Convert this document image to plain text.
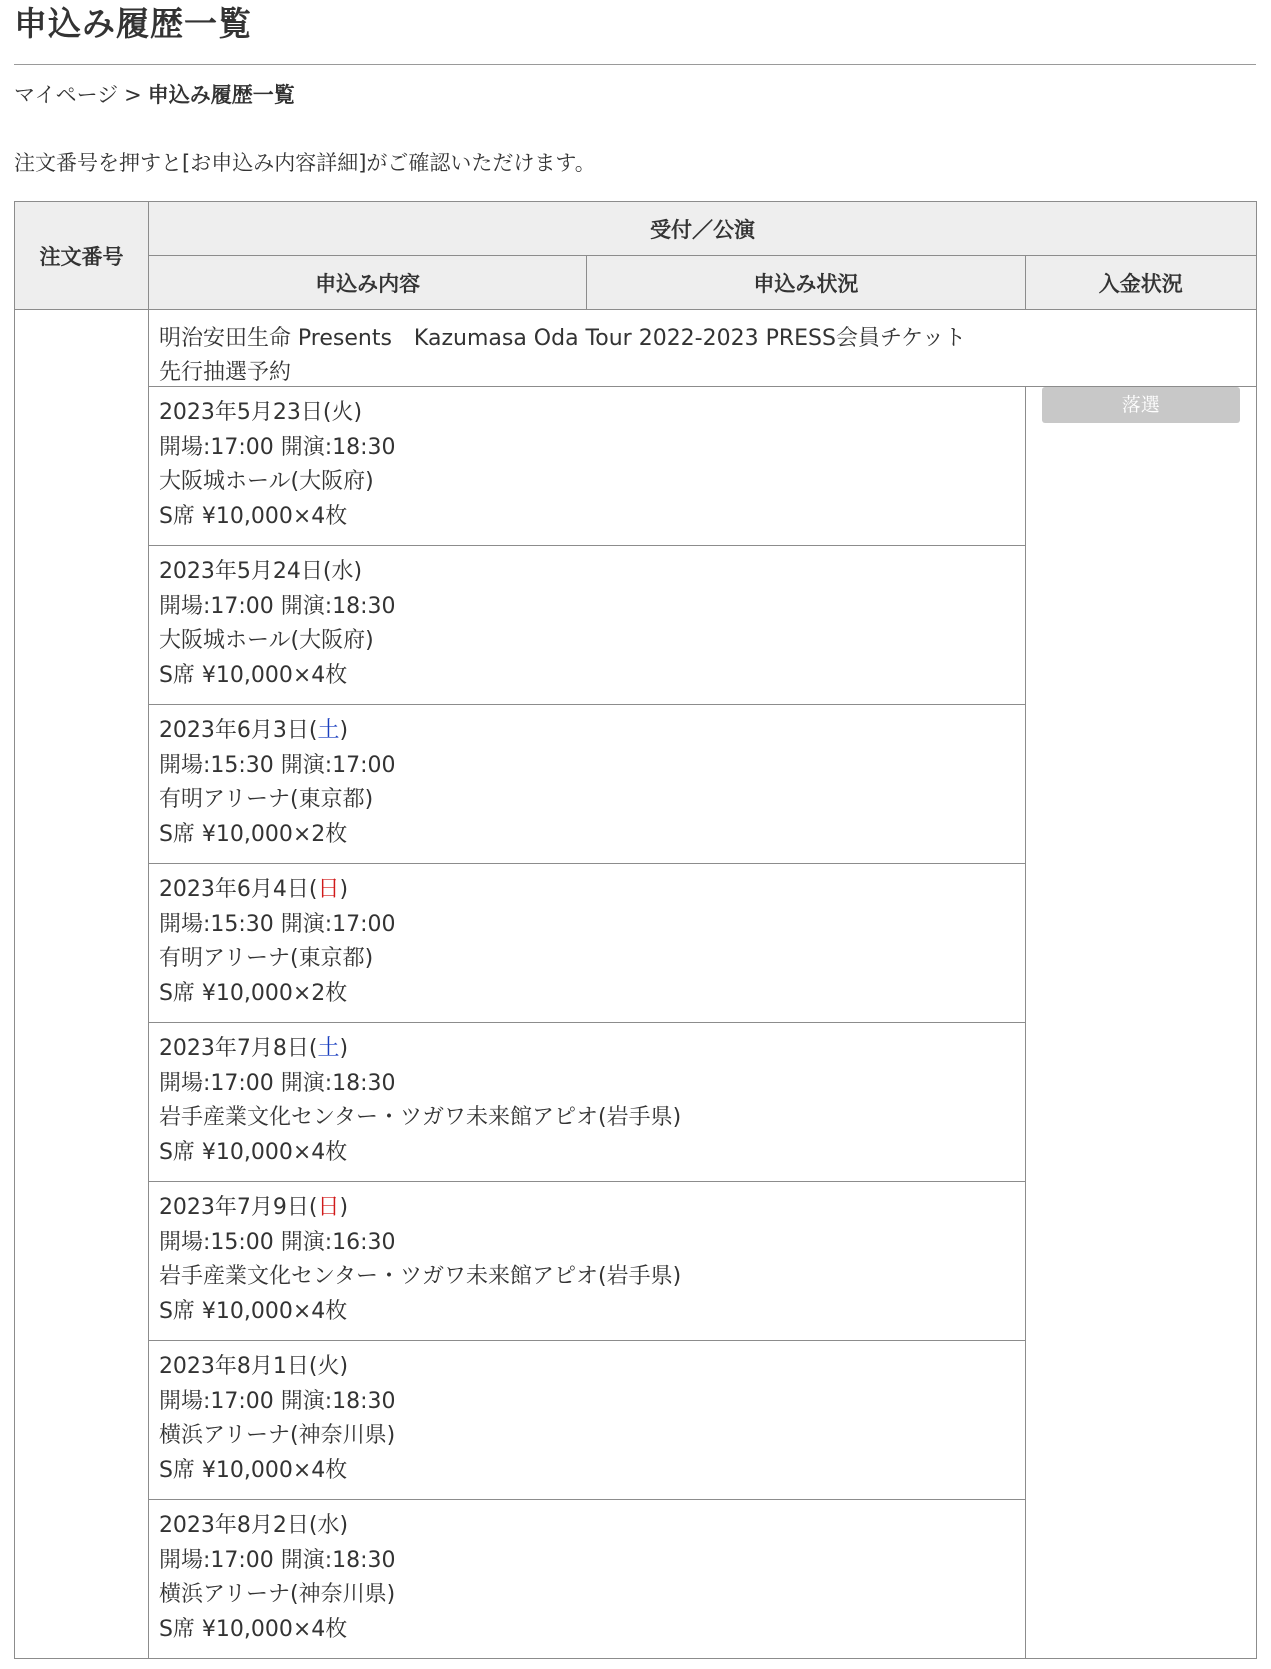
申込み履歴一覧
マイページ > 申込み履歴一覧
注文番号を押すと[お申込み内容詳細]がご確認いただけます。
注文番号	受付／公演		
	申込み内容	申込み状況	入金状況

	明治安田生命 Presents　Kazumasa Oda Tour 2022-2023 PRESS会員チケット
先行抽選予約		

	2023年5月23日(火)
開場:17:00 開演:18:30
大阪城ホール(大阪府)
S席 ¥10,000×4枚		落選

	2023年5月24日(水)
開場:17:00 開演:18:30
大阪城ホール(大阪府)
S席 ¥10,000×4枚		

	2023年6月3日(土)
開場:15:30 開演:17:00
有明アリーナ(東京都)
S席 ¥10,000×2枚		

	2023年6月4日(日)
開場:15:30 開演:17:00
有明アリーナ(東京都)
S席 ¥10,000×2枚		

	2023年7月8日(土)
開場:17:00 開演:18:30
岩手産業文化センター・ツガワ未来館アピオ(岩手県)
S席 ¥10,000×4枚		

	2023年7月9日(日)
開場:15:00 開演:16:30
岩手産業文化センター・ツガワ未来館アピオ(岩手県)
S席 ¥10,000×4枚		

	2023年8月1日(火)
開場:17:00 開演:18:30
横浜アリーナ(神奈川県)
S席 ¥10,000×4枚		

	2023年8月2日(水)
開場:17:00 開演:18:30
横浜アリーナ(神奈川県)
S席 ¥10,000×4枚		
